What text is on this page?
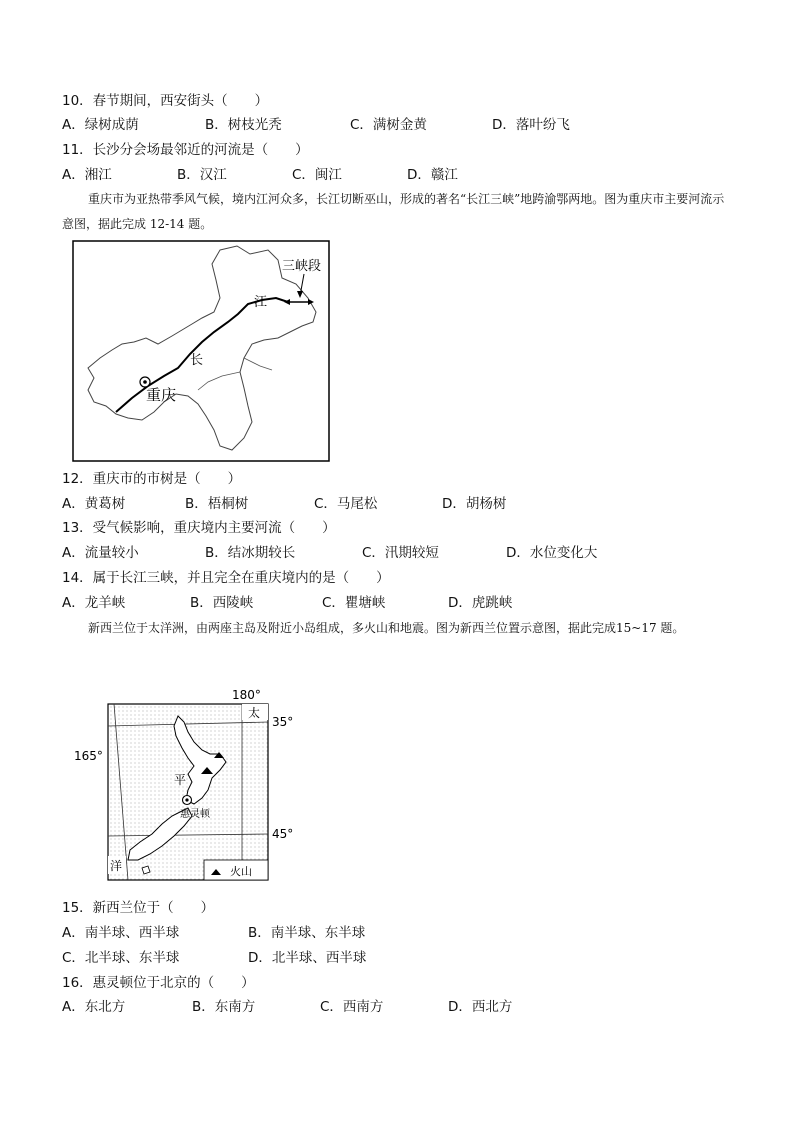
10．春节期间，西安街头（　　）
A．绿树成荫	B．树枝光秃	C．满树金黄	D．落叶纷飞
11．长沙分会场最邻近的河流是（　　）
A．湘江	B．汉江	C．闽江	D．赣江
重庆市为亚热带季风气候，境内江河众多，长江切断巫山，形成的著名“长江三峡”地跨渝鄂两地。图为重庆市主要河流示意图，据此完成 12-14 题。
三峡段
江
长
重庆
12．重庆市的市树是（　　）
A．黄葛树	B．梧桐树	C．马尾松	D．胡杨树
13．受气候影响，重庆境内主要河流（　　）
A．流量较小	B．结冰期较长	C．汛期较短	D．水位变化大
14．属于长江三峡，并且完全在重庆境内的是（　　）
A．龙羊峡	B．西陵峡	C．瞿塘峡	D．虎跳峡
新西兰位于太洋洲，由两座主岛及附近小岛组成，多火山和地震。图为新西兰位置示意图，据此完成15~17 题。
180°
165°
35°
45°
太
洋
平
惠灵顿
火山
15．新西兰位于（　　）
A．南半球、西半球	B．南半球、东半球
C．北半球、东半球	D．北半球、西半球
16．惠灵顿位于北京的（　　）
A．东北方	B．东南方	C．西南方	D．西北方
